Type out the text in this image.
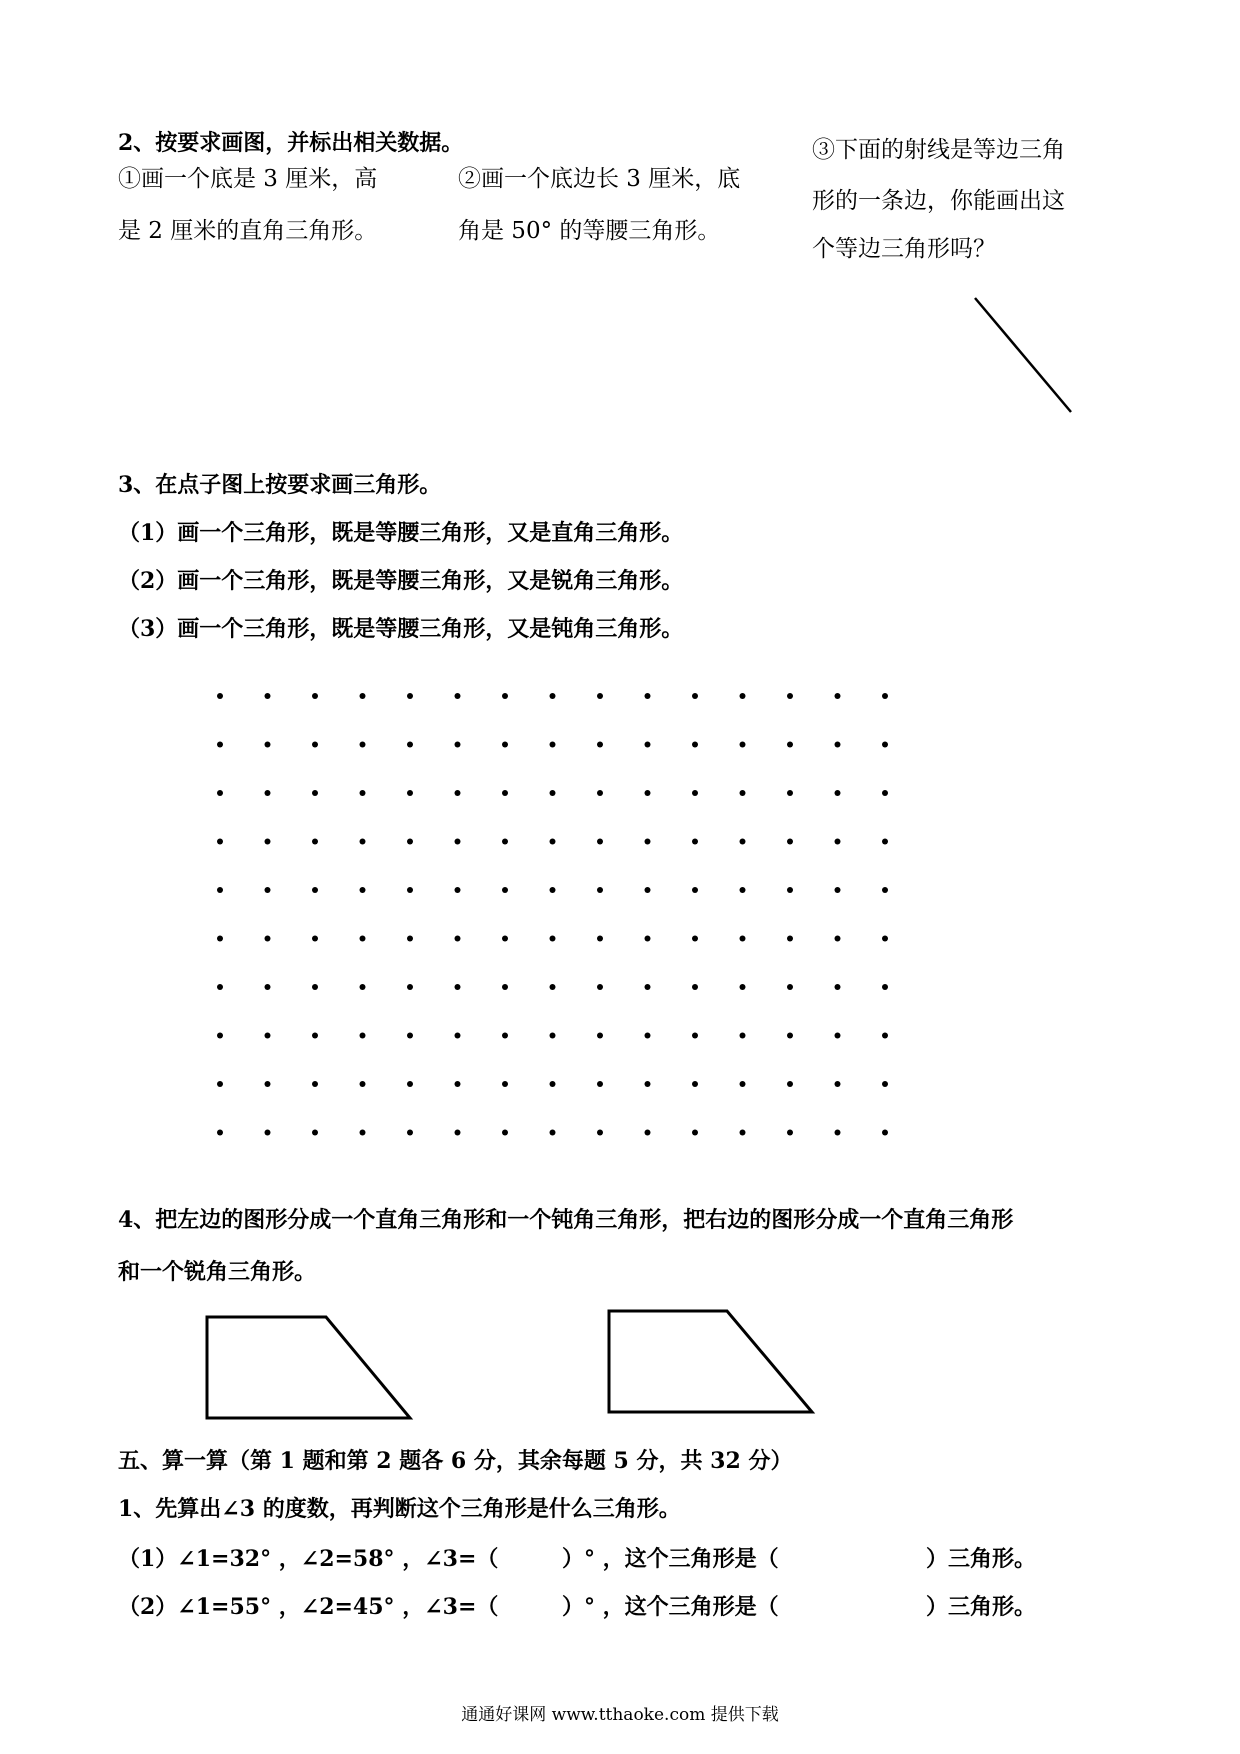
2、按要求画图，并标出相关数据。
①画一个底是 3 厘米，高
是 2 厘米的直角三角形。
②画一个底边长 3 厘米，底
角是 50° 的等腰三角形。
③下面的射线是等边三角
形的一条边，你能画出这
个等边三角形吗？
3、在点子图上按要求画三角形。
（1）画一个三角形，既是等腰三角形，又是直角三角形。
（2）画一个三角形，既是等腰三角形，又是锐角三角形。
（3）画一个三角形，既是等腰三角形，又是钝角三角形。
4、把左边的图形分成一个直角三角形和一个钝角三角形，把右边的图形分成一个直角三角形
和一个锐角三角形。
五、算一算（第 1 题和第 2 题各 6 分，其余每题 5 分，共 32 分）
1、先算出∠3 的度数，再判断这个三角形是什么三角形。
（1）∠1=32° ，∠2=58° ，∠3=（	）° ，这个三角形是（	）三角形。
（2）∠1=55° ，∠2=45° ，∠3=（	）° ，这个三角形是（	）三角形。
通通好课网 www.tthaoke.com 提供下载
